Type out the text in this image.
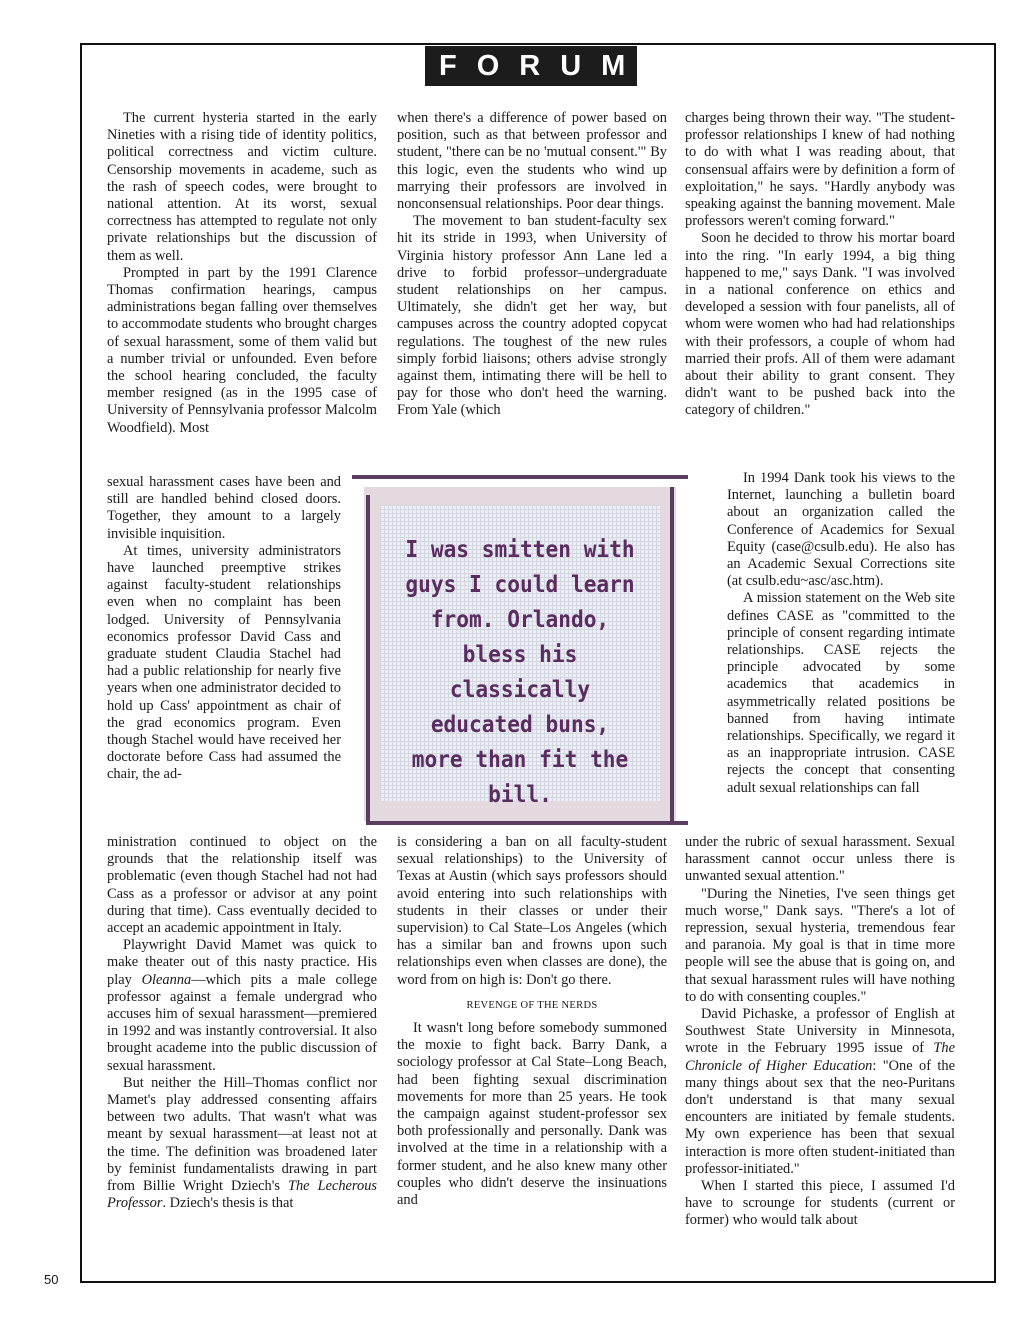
FORUM

The current hysteria started in the early Nineties with a rising tide of identity politics, political correctness and victim culture. Censorship movements in academe, such as the rash of speech codes, were brought to national attention. At its worst, sexual correctness has attempted to regulate not only private relationships but the discussion of them as well.

Prompted in part by the 1991 Clarence Thomas confirmation hearings, campus administrations began falling over themselves to accommodate students who brought charges of sexual harassment, some of them valid but a number trivial or unfounded. Even before the school hearing concluded, the faculty member resigned (as in the 1995 case of University of Pennsylvania professor Malcolm Woodfield). Most

sexual harassment cases have been and still are handled behind closed doors. Together, they amount to a largely invisible inquisition.

At times, university administrators have launched preemptive strikes against faculty-student relationships even when no complaint has been lodged. University of Pennsylvania economics professor David Cass and graduate student Claudia Stachel had had a public relationship for nearly five years when one administrator decided to hold up Cass' appointment as chair of the grad economics program. Even though Stachel would have received her doctorate before Cass had assumed the chair, the ad-

ministration continued to object on the grounds that the relationship itself was problematic (even though Stachel had not had Cass as a professor or advisor at any point during that time). Cass eventually decided to accept an academic appointment in Italy.

Playwright David Mamet was quick to make theater out of this nasty practice. His play Oleanna—which pits a male college professor against a female undergrad who accuses him of sexual harassment—premiered in 1992 and was instantly controversial. It also brought academe into the public discussion of sexual harassment.

But neither the Hill–Thomas conflict nor Mamet's play addressed consenting affairs between two adults. That wasn't what was meant by sexual harassment—at least not at the time. The definition was broadened later by feminist fundamentalists drawing in part from Billie Wright Dziech's The Lecherous Professor. Dziech's thesis is that

when there's a difference of power based on position, such as that between professor and student, "there can be no 'mutual consent.'" By this logic, even the students who wind up marrying their professors are involved in nonconsensual relationships. Poor dear things.

The movement to ban student-faculty sex hit its stride in 1993, when University of Virginia history professor Ann Lane led a drive to forbid professor–undergraduate student relationships on her campus. Ultimately, she didn't get her way, but campuses across the country adopted copycat regulations. The toughest of the new rules simply forbid liaisons; others advise strongly against them, intimating there will be hell to pay for those who don't heed the warning. From Yale (which

is considering a ban on all faculty-student sexual relationships) to the University of Texas at Austin (which says professors should avoid entering into such relationships with students in their classes or under their supervision) to Cal State–Los Angeles (which has a similar ban and frowns upon such relationships even when classes are done), the word from on high is: Don't go there.

REVENGE OF THE NERDS

It wasn't long before somebody summoned the moxie to fight back. Barry Dank, a sociology professor at Cal State–Long Beach, had been fighting sexual discrimination movements for more than 25 years. He took the campaign against student-professor sex both professionally and personally. Dank was involved at the time in a relationship with a former student, and he also knew many other couples who didn't deserve the insinuations and

charges being thrown their way. "The student-professor relationships I knew of had nothing to do with what I was reading about, that consensual affairs were by definition a form of exploitation," he says. "Hardly anybody was speaking against the banning movement. Male professors weren't coming forward."

Soon he decided to throw his mortar board into the ring. "In early 1994, a big thing happened to me," says Dank. "I was involved in a national conference on ethics and developed a session with four panelists, all of whom were women who had had relationships with their professors, a couple of whom had married their profs. All of them were adamant about their ability to grant consent. They didn't want to be pushed back into the category of children."

In 1994 Dank took his views to the Internet, launching a bulletin board about an organization called the Conference of Academics for Sexual Equity (case@csulb.edu). He also has an Academic Sexual Corrections site (at csulb.edu~asc/asc.htm).

A mission statement on the Web site defines CASE as "committed to the principle of consent regarding intimate relationships. CASE rejects the principle advocated by some academics that academics in asymmetrically related positions be banned from having intimate relationships. Specifically, we regard it as an inappropriate intrusion. CASE rejects the concept that consenting adult sexual relationships can fall

under the rubric of sexual harassment. Sexual harassment cannot occur unless there is unwanted sexual attention."

"During the Nineties, I've seen things get much worse," Dank says. "There's a lot of repression, sexual hysteria, tremendous fear and paranoia. My goal is that in time more people will see the abuse that is going on, and that sexual harassment rules will have nothing to do with consenting couples."

David Pichaske, a professor of English at Southwest State University in Minnesota, wrote in the February 1995 issue of The Chronicle of Higher Education: "One of the many things about sex that the neo-Puritans don't understand is that many sexual encounters are initiated by female students. My own experience has been that sexual interaction is more often student-initiated than professor-initiated."

When I started this piece, I assumed I'd have to scrounge for students (current or former) who would talk about

I was smitten with guys I could learn from. Orlando, bless his classically educated buns, more than fit the bill.
50
